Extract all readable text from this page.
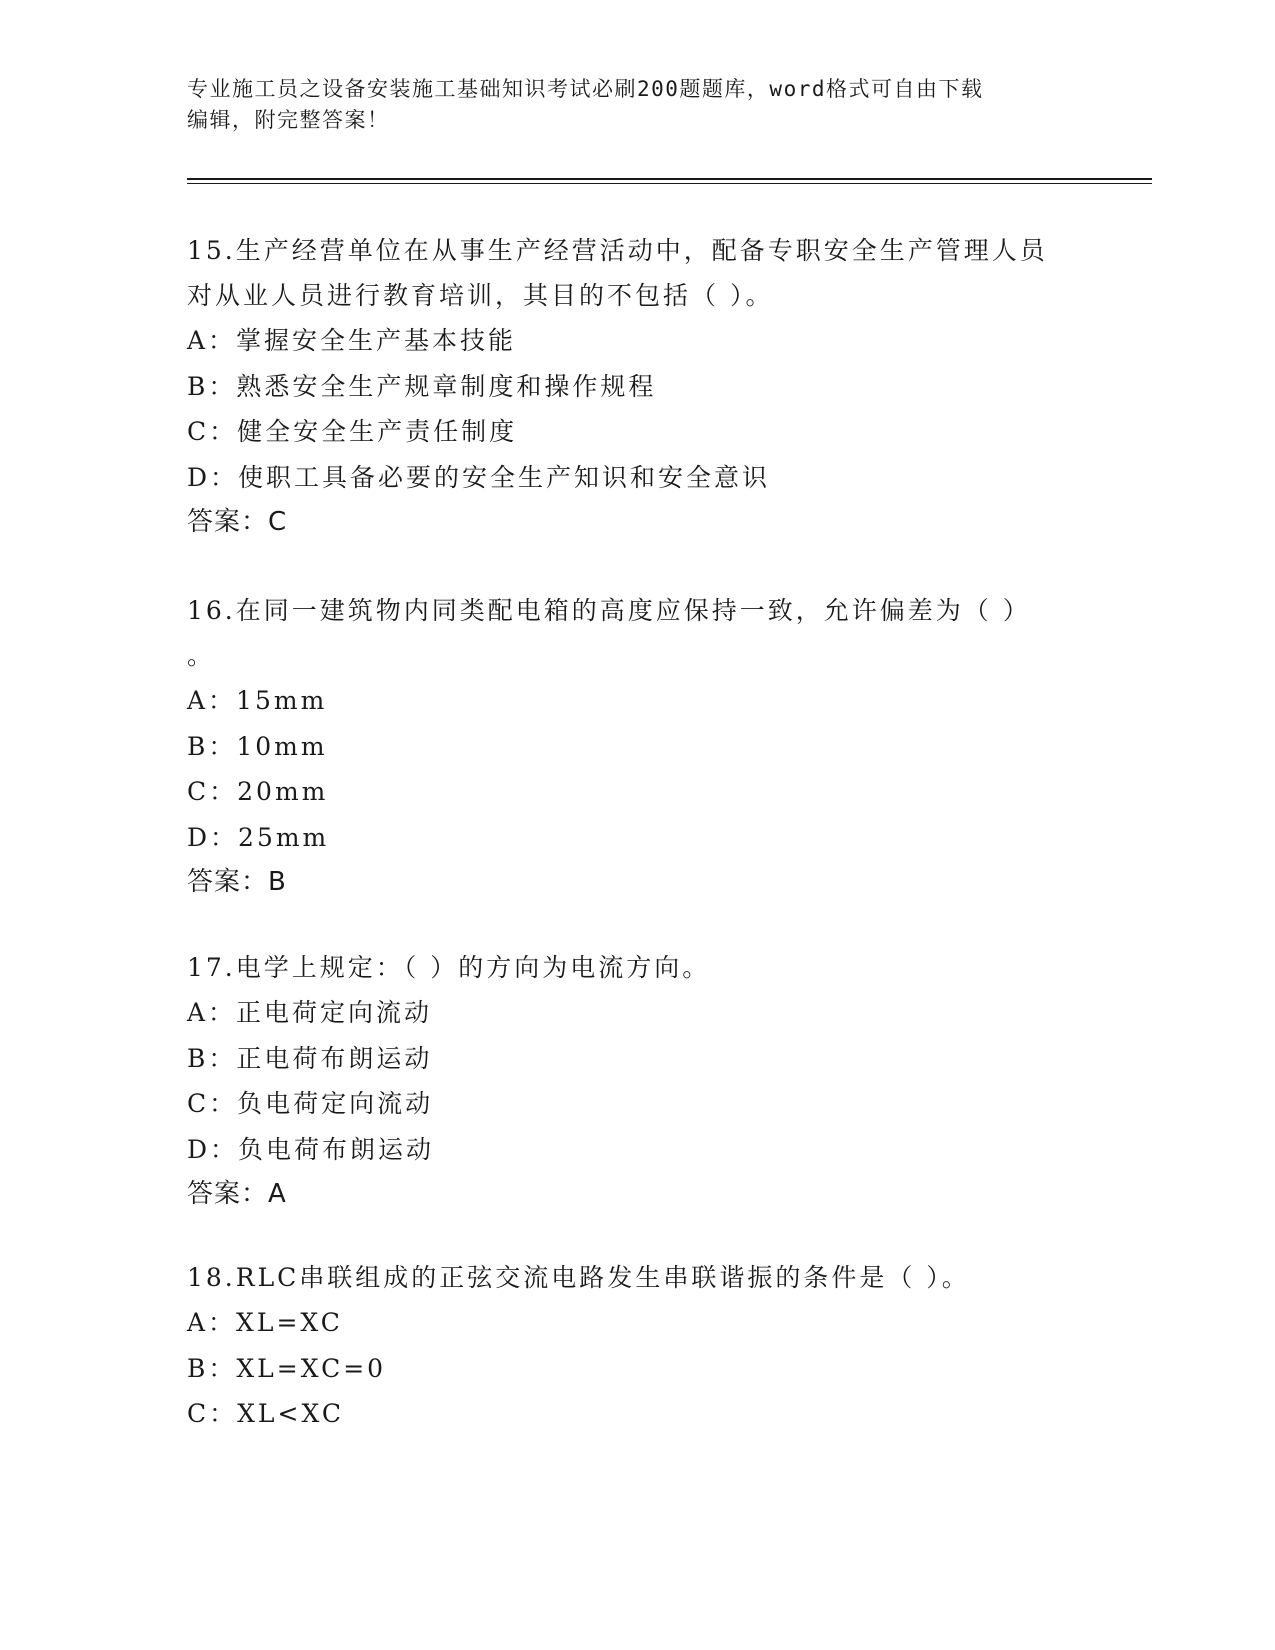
专业施工员之设备安装施工基础知识考试必刷200题题库，word格式可自由下载
编辑，附完整答案！
15.生产经营单位在从事生产经营活动中，配备专职安全生产管理人员
对从业人员进行教育培训，其目的不包括（ ）。
A：掌握安全生产基本技能
B：熟悉安全生产规章制度和操作规程
C：健全安全生产责任制度
D：使职工具备必要的安全生产知识和安全意识
答案：C
16.在同一建筑物内同类配电箱的高度应保持一致，允许偏差为（ ）
。
A：15mm
B：10mm
C：20mm
D：25mm
答案：B
17.电学上规定：（ ）的方向为电流方向。
A：正电荷定向流动
B：正电荷布朗运动
C：负电荷定向流动
D：负电荷布朗运动
答案：A
18.RLC串联组成的正弦交流电路发生串联谐振的条件是（ ）。
A：XL=XC
B：XL=XC=0
C：XL<XC
